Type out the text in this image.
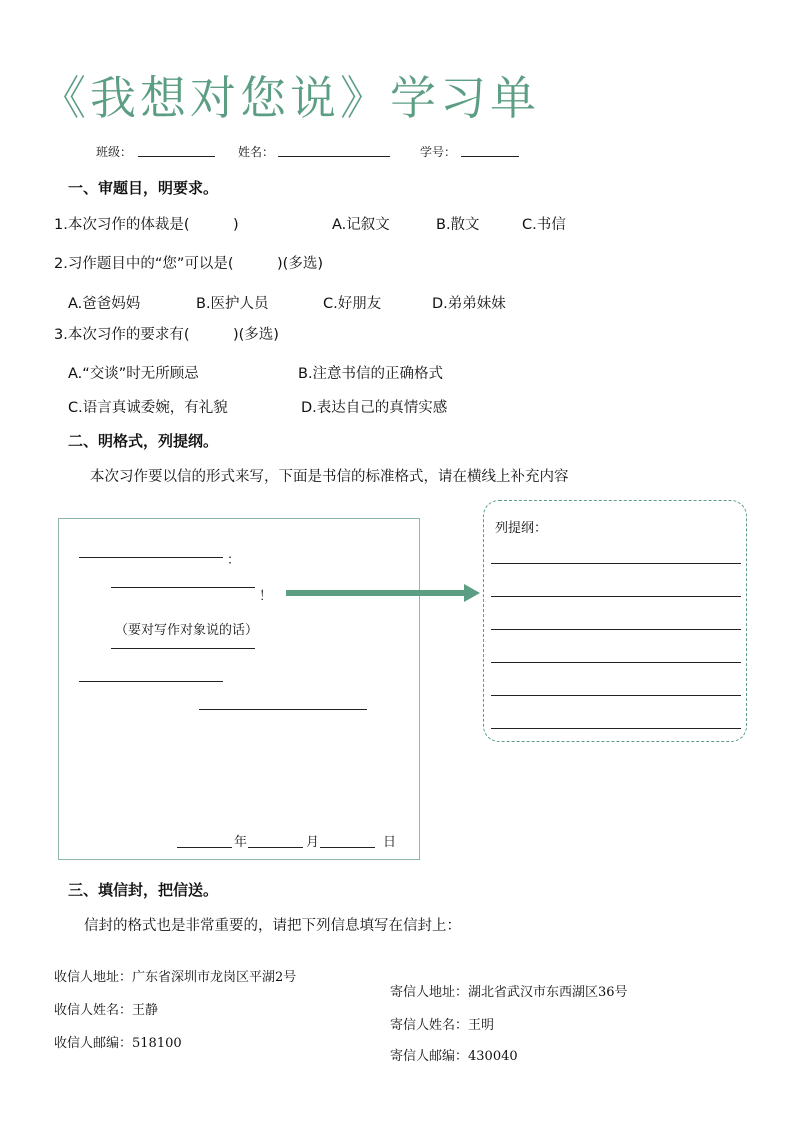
《我想对您说》学习单
班级：	姓名：	学号：
一、审题目，明要求。
1.本次习作的体裁是(　　　)	A.记叙文	B.散文	C.书信
2.习作题目中的“您”可以是(　　　)(多选)
A.爸爸妈妈	B.医护人员	C.好朋友	D.弟弟妹妹
3.本次习作的要求有(　　　)(多选)
A.“交谈”时无所顾忌	B.注意书信的正确格式
C.语言真诚委婉，有礼貌	D.表达自己的真情实感
二、明格式，列提纲。
本次习作要以信的形式来写，下面是书信的标准格式，请在横线上补充内容
：
！
（要对写作对象说的话）
年	月	日
列提纲：
三、填信封，把信送。
信封的格式也是非常重要的，请把下列信息填写在信封上：
收信人地址：广东省深圳市龙岗区平湖2号
收信人姓名：王静
收信人邮编：518100
寄信人地址：湖北省武汉市东西湖区36号
寄信人姓名：王明
寄信人邮编：430040
